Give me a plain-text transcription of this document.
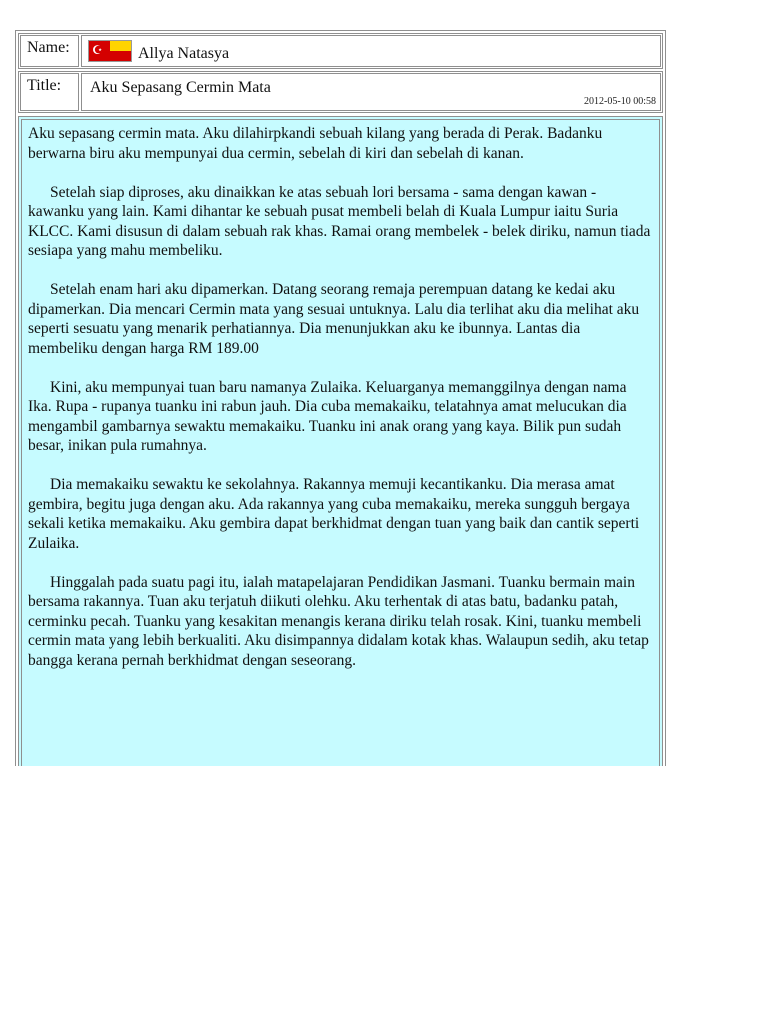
Name:	☪ Allya Natasya
Title:	Aku Sepasang Cermin Mata
2012-05-10 00:58

Aku sepasang cermin mata. Aku dilahirpkandi sebuah kilang yang berada di Perak. Badanku berwarna biru aku mempunyai dua cermin, sebelah di kiri dan sebelah di kanan.

Setelah siap diproses, aku dinaikkan ke atas sebuah lori bersama - sama dengan kawan - kawanku yang lain. Kami dihantar ke sebuah pusat membeli belah di Kuala Lumpur iaitu Suria KLCC. Kami disusun di dalam sebuah rak khas. Ramai orang membelek - belek diriku, namun tiada sesiapa yang mahu membeliku.

Setelah enam hari aku dipamerkan. Datang seorang remaja perempuan datang ke kedai aku dipamerkan. Dia mencari Cermin mata yang sesuai untuknya. Lalu dia terlihat aku dia melihat aku seperti sesuatu yang menarik perhatiannya. Dia menunjukkan aku ke ibunnya. Lantas dia membeliku dengan harga RM 189.00

Kini, aku mempunyai tuan baru namanya Zulaika. Keluarganya memanggilnya dengan nama Ika. Rupa - rupanya tuanku ini rabun jauh. Dia cuba memakaiku, telatahnya amat melucukan dia mengambil gambarnya sewaktu memakaiku. Tuanku ini anak orang yang kaya. Bilik pun sudah besar, inikan pula rumahnya.

Dia memakaiku sewaktu ke sekolahnya. Rakannya memuji kecantikanku. Dia merasa amat gembira, begitu juga dengan aku. Ada rakannya yang cuba memakaiku, mereka sungguh bergaya sekali ketika memakaiku. Aku gembira dapat berkhidmat dengan tuan yang baik dan cantik seperti Zulaika.

Hinggalah pada suatu pagi itu, ialah matapelajaran Pendidikan Jasmani. Tuanku bermain main bersama rakannya. Tuan aku terjatuh diikuti olehku. Aku terhentak di atas batu, badanku patah, cerminku pecah. Tuanku yang kesakitan menangis kerana diriku telah rosak. Kini, tuanku membeli cermin mata yang lebih berkualiti. Aku disimpannya didalam kotak khas. Walaupun sedih, aku tetap bangga kerana pernah berkhidmat dengan seseorang.
